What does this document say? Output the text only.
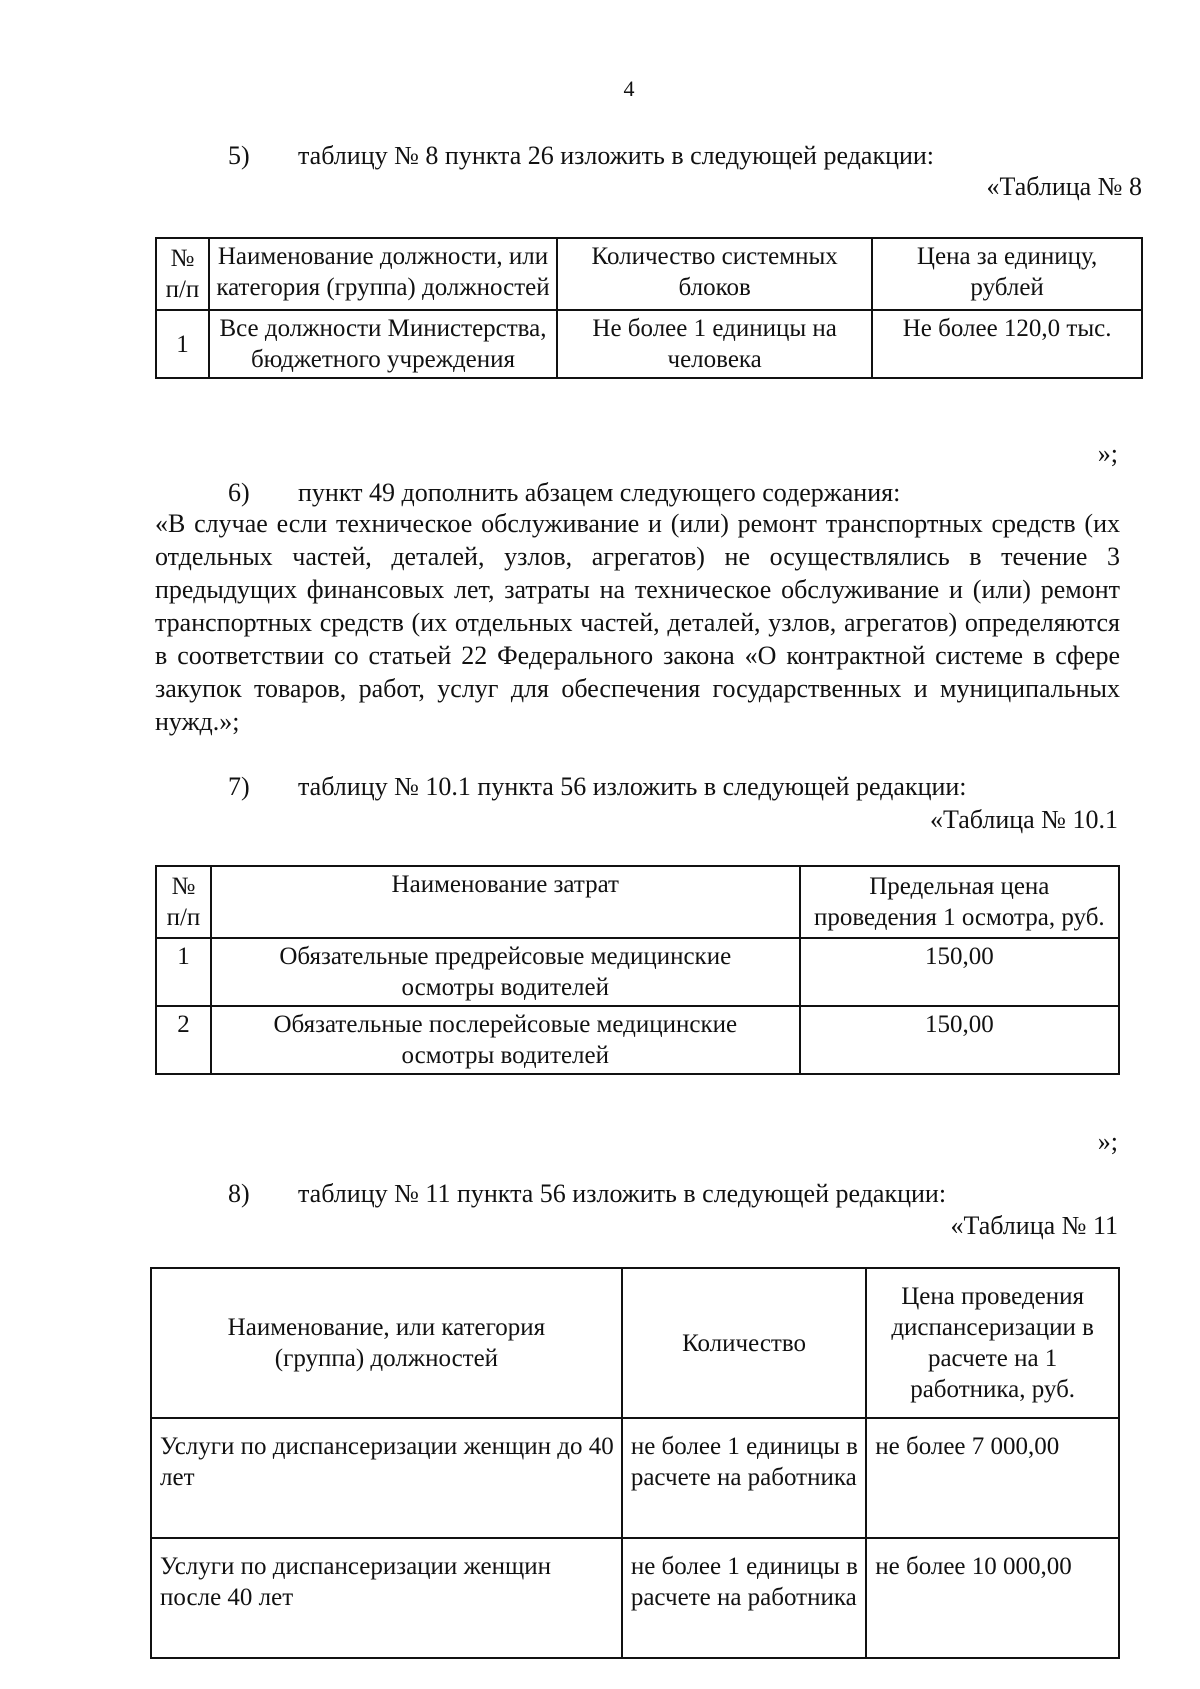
4
5) таблицу № 8 пункта 26 изложить в следующей редакции:
«Таблица № 8
№ п/п	Наименование должности, или категория (группа) должностей	Количество системных блоков	Цена за единицу, рублей
1	Все должности Министерства, бюджетного учреждения	Не более 1 единицы на человека	Не более 120,0 тыс.
»;
6) пункт 49 дополнить абзацем следующего содержания:
«В случае если техническое обслуживание и (или) ремонт транспортных средств (их отдельных частей, деталей, узлов, агрегатов) не осуществлялись в течение 3 предыдущих финансовых лет, затраты на техническое обслуживание и (или) ремонт транспортных средств (их отдельных частей, деталей, узлов, агрегатов) определяются в соответствии со статьей 22 Федерального закона «О контрактной системе в сфере закупок товаров, работ, услуг для обеспечения государственных и муниципальных нужд.»;
7) таблицу № 10.1 пункта 56 изложить в следующей редакции:
«Таблица № 10.1
№ п/п	Наименование затрат	Предельная цена проведения 1 осмотра, руб.
1	Обязательные предрейсовые медицинские осмотры водителей	150,00
2	Обязательные послерейсовые медицинские осмотры водителей	150,00
»;
8) таблицу № 11 пункта 56 изложить в следующей редакции:
«Таблица № 11
Наименование, или категория (группа) должностей	Количество	Цена проведения диспансеризации в расчете на 1 работника, руб.
Услуги по диспансеризации женщин до 40 лет	не более 1 единицы в расчете на работника	не более 7 000,00
Услуги по диспансеризации женщин после 40 лет	не более 1 единицы в расчете на работника	не более 10 000,00
